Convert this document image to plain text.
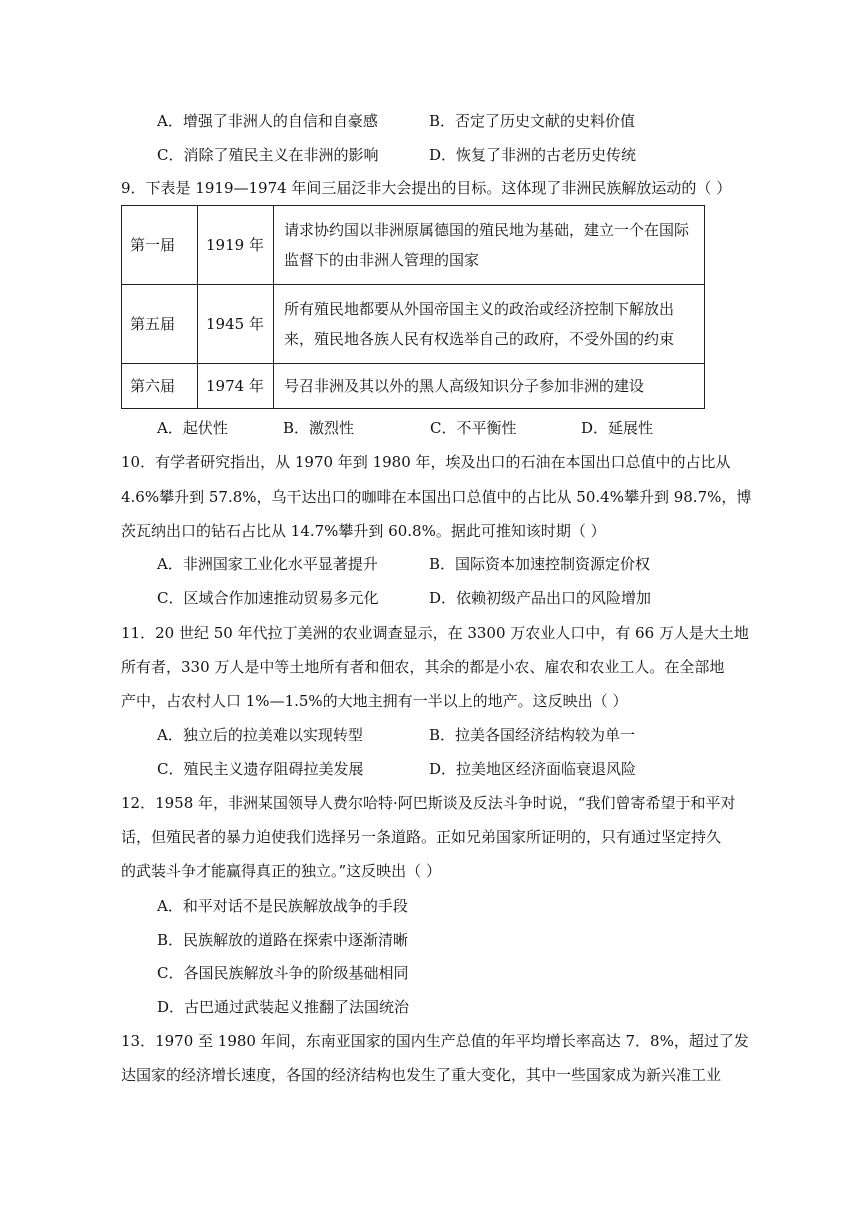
A．增强了非洲人的自信和自豪感	B．否定了历史文献的史料价值
C．消除了殖民主义在非洲的影响	D．恢复了非洲的古老历史传统
9．下表是 1919—1974 年间三届泛非大会提出的目标。这体现了非洲民族解放运动的（ ）
第一届	1919 年	请求协约国以非洲原属德国的殖民地为基础，建立一个在国际
监督下的由非洲人管理的国家

第五届	1945 年	所有殖民地都要从外国帝国主义的政治或经济控制下解放出
来，殖民地各族人民有权选举自己的政府，不受外国的约束

第六届	1974 年	号召非洲及其以外的黑人高级知识分子参加非洲的建设
A．起伏性	B．激烈性	C．不平衡性	D．延展性
10．有学者研究指出，从 1970 年到 1980 年，埃及出口的石油在本国出口总值中的占比从
4.6%攀升到 57.8%，乌干达出口的咖啡在本国出口总值中的占比从 50.4%攀升到 98.7%，博
茨瓦纳出口的钻石占比从 14.7%攀升到 60.8%。据此可推知该时期（ ）
A．非洲国家工业化水平显著提升	B．国际资本加速控制资源定价权
C．区域合作加速推动贸易多元化	D．依赖初级产品出口的风险增加
11．20 世纪 50 年代拉丁美洲的农业调查显示，在 3300 万农业人口中，有 66 万人是大土地
所有者，330 万人是中等土地所有者和佃农，其余的都是小农、雇农和农业工人。在全部地
产中，占农村人口 1%—1.5%的大地主拥有一半以上的地产。这反映出（ ）
A．独立后的拉美难以实现转型	B．拉美各国经济结构较为单一
C．殖民主义遗存阻碍拉美发展	D．拉美地区经济面临衰退风险
12．1958 年，非洲某国领导人费尔哈特·阿巴斯谈及反法斗争时说，“我们曾寄希望于和平对
话，但殖民者的暴力迫使我们选择另一条道路。正如兄弟国家所证明的，只有通过坚定持久
的武装斗争才能赢得真正的独立。”这反映出（ ）
A．和平对话不是民族解放战争的手段
B．民族解放的道路在探索中逐渐清晰
C．各国民族解放斗争的阶级基础相同
D．古巴通过武装起义推翻了法国统治
13．1970 至 1980 年间，东南亚国家的国内生产总值的年平均增长率高达 7．8%，超过了发
达国家的经济增长速度，各国的经济结构也发生了重大变化，其中一些国家成为新兴准工业
